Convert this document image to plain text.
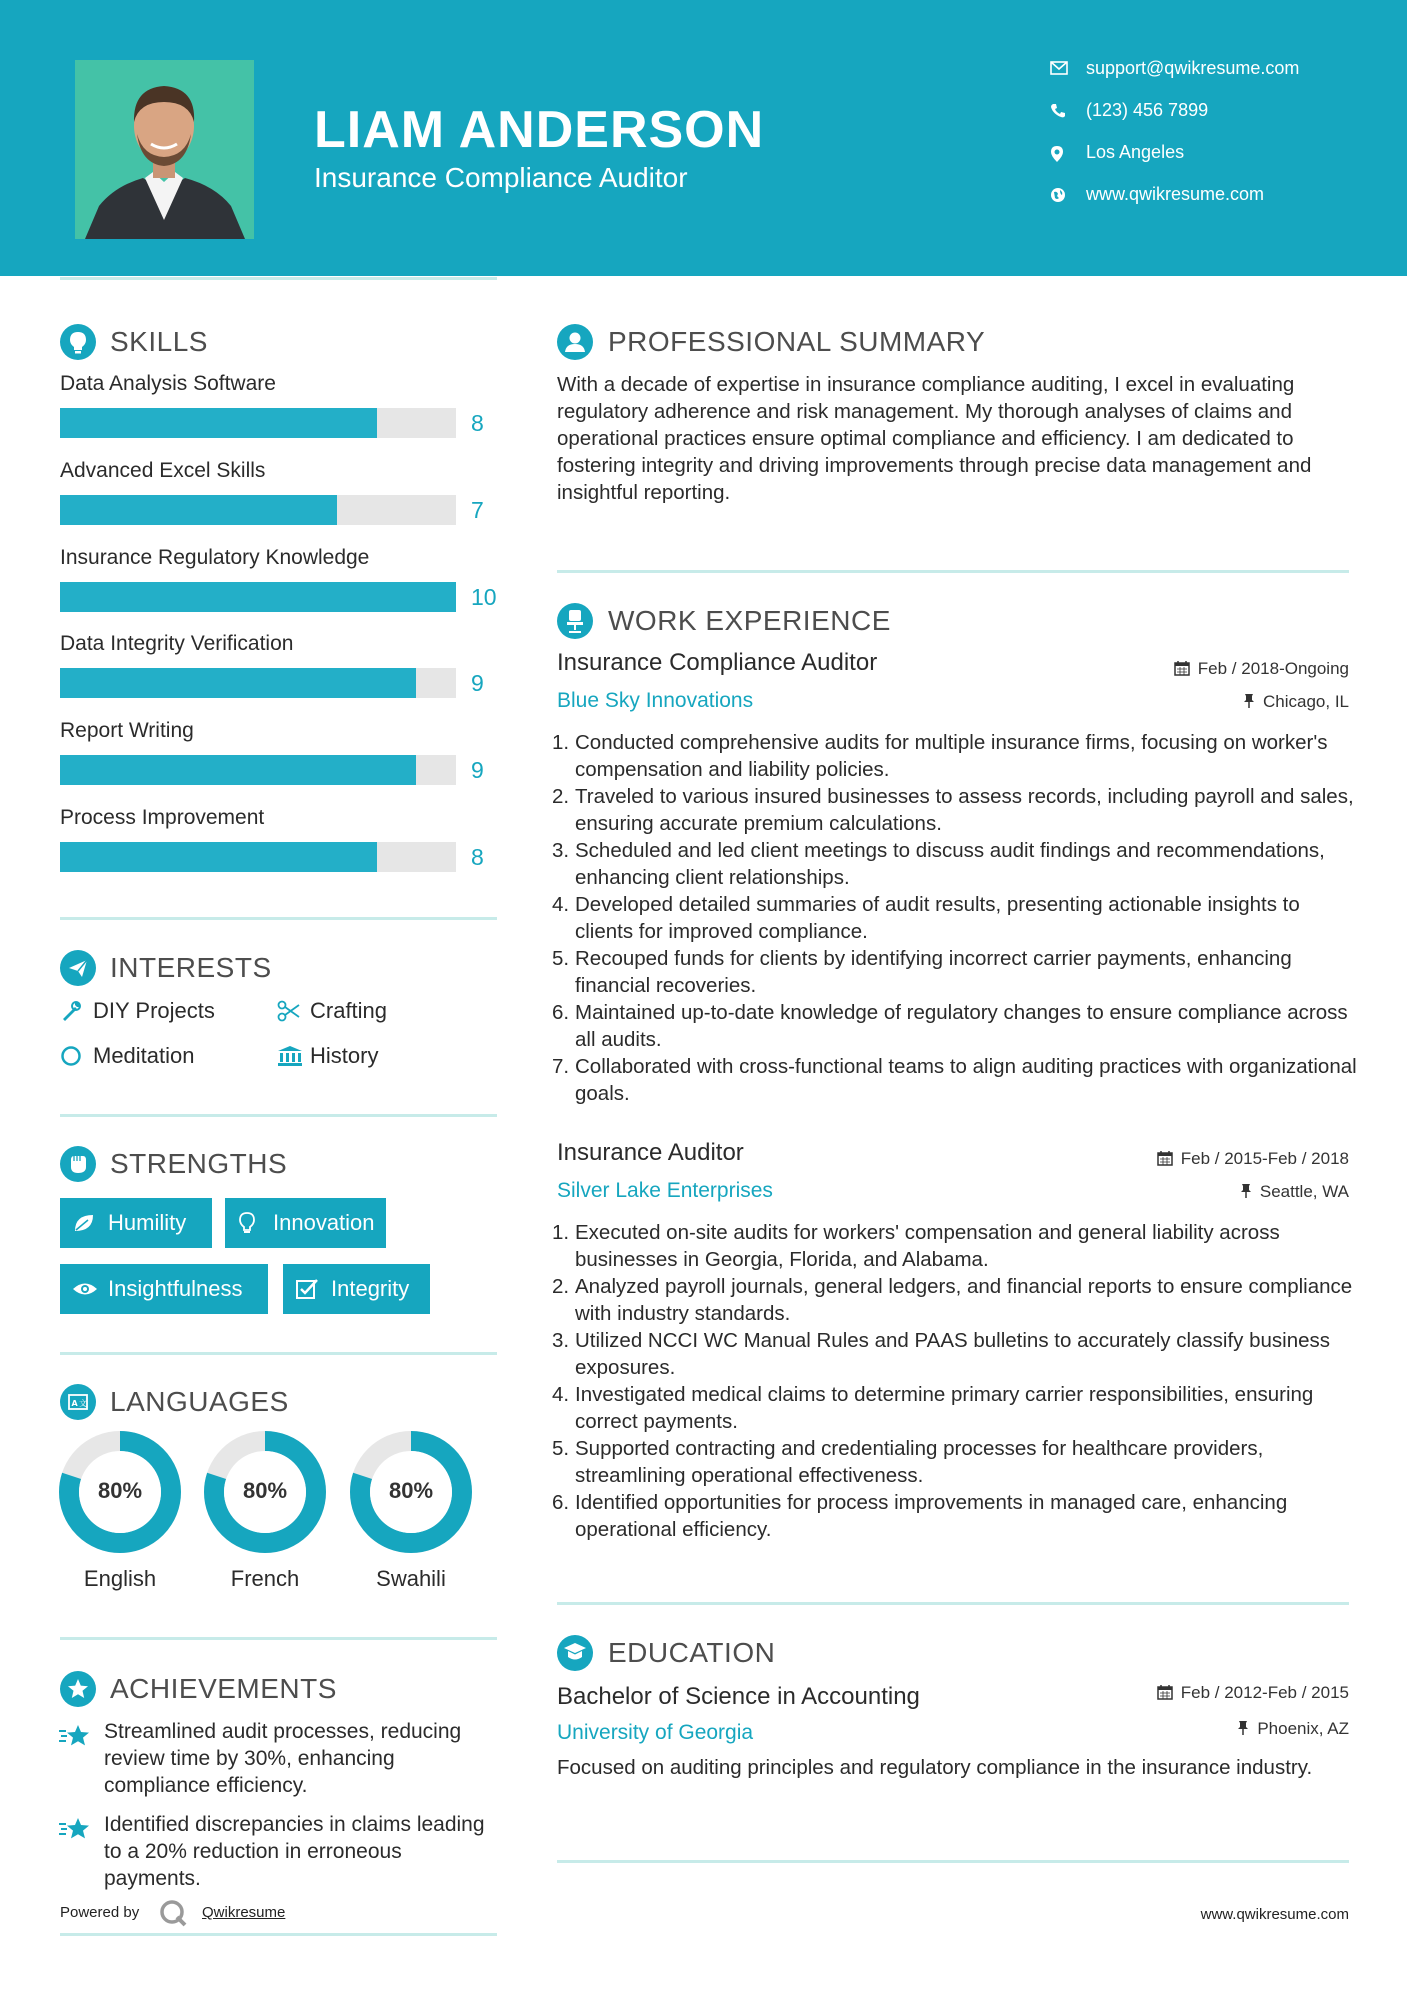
LIAM ANDERSON
Insurance Compliance Auditor
support@qwikresume.com
(123) 456 7899
Los Angeles
www.qwikresume.com
SKILLS
Data Analysis Software
8
Advanced Excel Skills
7
Insurance Regulatory Knowledge
10
Data Integrity Verification
9
Report Writing
9
Process Improvement
8
INTERESTS
DIY Projects	Crafting
Meditation	History
STRENGTHS
Humility	Innovation
Insightfulness	Integrity
A 文 LANGUAGES
80%
English
80%
French
80%
Swahili
ACHIEVEMENTS
Streamlined audit processes, reducing review time by 30%, enhancing compliance efficiency.
Identified discrepancies in claims leading to a 20% reduction in erroneous payments.
Powered by	Qwikresume	www.qwikresume.com
PROFESSIONAL SUMMARY
With a decade of expertise in insurance compliance auditing, I excel in evaluating regulatory adherence and risk management. My thorough analyses of claims and operational practices ensure optimal compliance and efficiency. I am dedicated to fostering integrity and driving improvements through precise data management and insightful reporting.
WORK EXPERIENCE
Insurance Compliance Auditor	Feb / 2018-Ongoing
Blue Sky Innovations	Chicago, IL
1. Conducted comprehensive audits for multiple insurance firms, focusing on worker's compensation and liability policies.
2. Traveled to various insured businesses to assess records, including payroll and sales, ensuring accurate premium calculations.
3. Scheduled and led client meetings to discuss audit findings and recommendations, enhancing client relationships.
4. Developed detailed summaries of audit results, presenting actionable insights to clients for improved compliance.
5. Recouped funds for clients by identifying incorrect carrier payments, enhancing financial recoveries.
6. Maintained up-to-date knowledge of regulatory changes to ensure compliance across all audits.
7. Collaborated with cross-functional teams to align auditing practices with organizational goals.
Insurance Auditor	Feb / 2015-Feb / 2018
Silver Lake Enterprises	Seattle, WA
1. Executed on-site audits for workers' compensation and general liability across businesses in Georgia, Florida, and Alabama.
2. Analyzed payroll journals, general ledgers, and financial reports to ensure compliance with industry standards.
3. Utilized NCCI WC Manual Rules and PAAS bulletins to accurately classify business exposures.
4. Investigated medical claims to determine primary carrier responsibilities, ensuring correct payments.
5. Supported contracting and credentialing processes for healthcare providers, streamlining operational effectiveness.
6. Identified opportunities for process improvements in managed care, enhancing operational efficiency.
EDUCATION
Bachelor of Science in Accounting	Feb / 2012-Feb / 2015
University of Georgia	Phoenix, AZ
Focused on auditing principles and regulatory compliance in the insurance industry.
